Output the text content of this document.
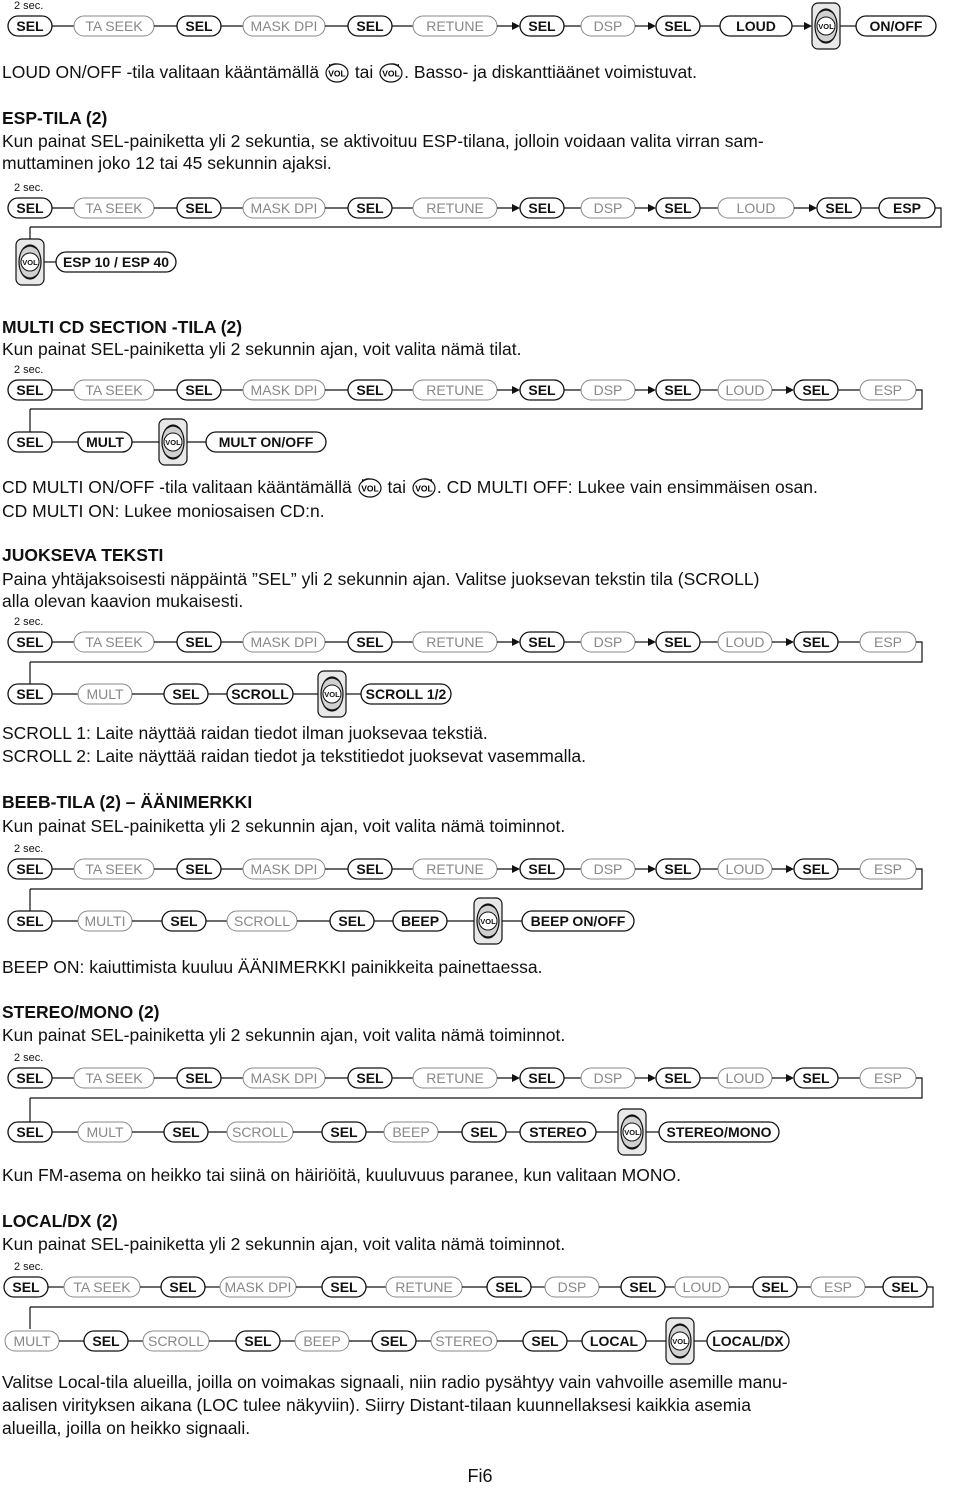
2 sec.
SEL	TA SEEK	SEL	MASK DPI	SEL	RETUNE	SEL	DSP	SEL	LOUD	VOL	ON/OFF
LOUD ON/OFF -tila valitaan kääntämällä VOL tai VOL . Basso- ja diskanttiäänet voimistuvat.
ESP-TILA (2)
Kun painat SEL-painiketta yli 2 sekuntia, se aktivoituu ESP-tilana, jolloin voidaan valita virran sam-
muttaminen joko 12 tai 45 sekunnin ajaksi.
2 sec.
SEL	TA SEEK	SEL	MASK DPI	SEL	RETUNE	SEL	DSP	SEL	LOUD	SEL	ESP
VOL ESP 10 / ESP 40
MULTI CD SECTION -TILA (2)
Kun painat SEL-painiketta yli 2 sekunnin ajan, voit valita nämä tilat.
2 sec.
SEL	TA SEEK	SEL	MASK DPI	SEL	RETUNE	SEL	DSP	SEL LOUD	SEL	ESP
SEL	MULT	VOL	MULT ON/OFF
CD MULTI ON/OFF -tila valitaan kääntämällä VOL tai VOL . CD MULTI OFF: Lukee vain ensimmäisen osan.
CD MULTI ON: Lukee moniosaisen CD:n.
JUOKSEVA TEKSTI
Paina yhtäjaksoisesti näppäintä ”SEL” yli 2 sekunnin ajan. Valitse juoksevan tekstin tila (SCROLL)
alla olevan kaavion mukaisesti.
2 sec.
SEL	TA SEEK	SEL	MASK DPI	SEL	RETUNE	SEL	DSP	SEL LOUD	SEL	ESP
SEL	MULT	SEL SCROLL	VOL SCROLL 1/2
SCROLL 1: Laite näyttää raidan tiedot ilman juoksevaa tekstiä.
SCROLL 2: Laite näyttää raidan tiedot ja tekstitiedot juoksevat vasemmalla.
BEEB-TILA (2) – ÄÄNIMERKKI
Kun painat SEL-painiketta yli 2 sekunnin ajan, voit valita nämä toiminnot.
2 sec.
SEL	TA SEEK	SEL	MASK DPI	SEL	RETUNE	SEL	DSP	SEL LOUD	SEL	ESP
SEL	MULTI	SEL	SCROLL	SEL	BEEP	VOL BEEP ON/OFF
BEEP ON: kaiuttimista kuuluu ÄÄNIMERKKI painikkeita painettaessa.
STEREO/MONO (2)
Kun painat SEL-painiketta yli 2 sekunnin ajan, voit valita nämä toiminnot.
2 sec.
SEL	TA SEEK	SEL	MASK DPI	SEL	RETUNE	SEL	DSP	SEL LOUD	SEL	ESP
SEL	MULT	SEL SCROLL	SEL BEEP	SEL STEREO	VOL STEREO/MONO
Kun FM-asema on heikko tai siinä on häiriöitä, kuuluvuus paranee, kun valitaan MONO.
LOCAL/DX (2)
Kun painat SEL-painiketta yli 2 sekunnin ajan, voit valita nämä toiminnot.
2 sec.
SEL TA SEEK	SEL MASK DPI	SEL	RETUNE	SEL DSP	SEL LOUD	SEL	ESP	SEL
MULT	SEL SCROLL	SEL BEEP	SEL STEREO	SEL LOCAL	VOL LOCAL/DX
Valitse Local-tila alueilla, joilla on voimakas signaali, niin radio pysähtyy vain vahvoille asemille manu-
aalisen virityksen aikana (LOC tulee näkyviin). Siirry Distant-tilaan kuunnellaksesi kaikkia asemia
alueilla, joilla on heikko signaali.
Fi6
